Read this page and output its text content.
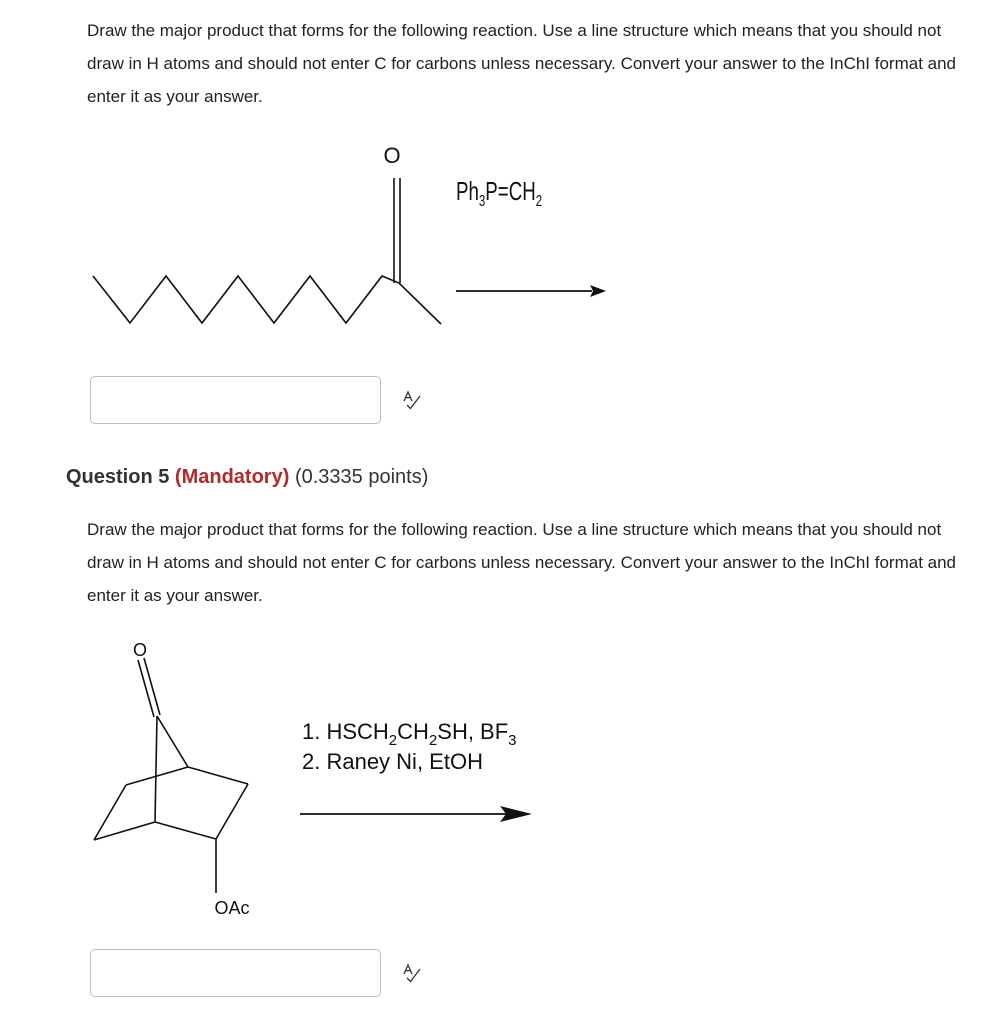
Draw the major product that forms for the following reaction. Use a line structure which means that you should not draw in H atoms and should not enter C for carbons unless necessary. Convert your answer to the InChI format and enter it as your answer.
O
$Ph_3P=CH_2$
O
OAc
1. $HSCH_2CH_2SH$, $BF_3$
2. Raney Ni, EtOH
Question 5 (Mandatory) (0.3335 points)
Draw the major product that forms for the following reaction. Use a line structure which means that you should not draw in H atoms and should not enter C for carbons unless necessary. Convert your answer to the InChI format and enter it as your answer.
